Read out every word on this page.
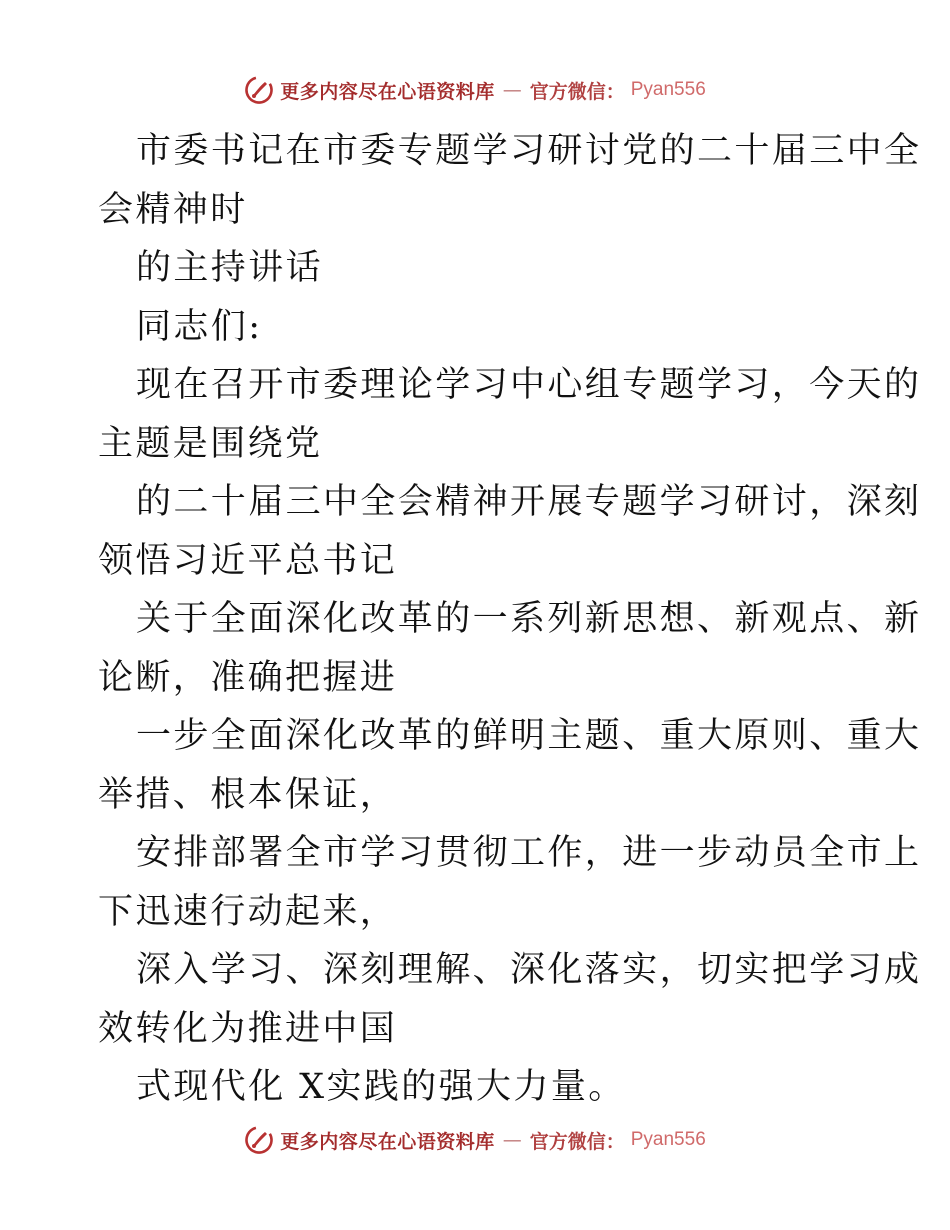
更多内容尽在心语资料库 — 官方微信： Pyan556
市委书记在市委专题学习研讨党的二十届三中全
会精神时
的主持讲话
同志们:
现在召开市委理论学习中心组专题学习，今天的
主题是围绕党
的二十届三中全会精神开展专题学习研讨，深刻
领悟习近平总书记
关于全面深化改革的一系列新思想、新观点、新
论断，准确把握进
一步全面深化改革的鲜明主题、重大原则、重大
举措、根本保证，
安排部署全市学习贯彻工作，进一步动员全市上
下迅速行动起来，
深入学习、深刻理解、深化落实，切实把学习成
效转化为推进中国
式现代化 X实践的强大力量。
更多内容尽在心语资料库 — 官方微信： Pyan556
